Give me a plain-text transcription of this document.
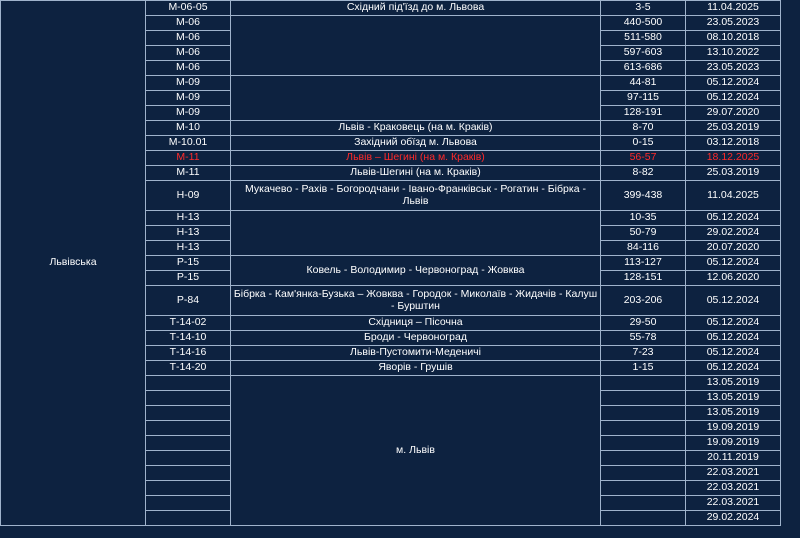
Львівська	М-06-05	Східний під'їзд до м. Львова	3-5	11.04.2025
	М-06		440-500	23.05.2023
	М-06		511-580	08.10.2018
	М-06		597-603	13.10.2022
	М-06		613-686	23.05.2023
	М-09		44-81	05.12.2024
	М-09		97-115	05.12.2024
	М-09		128-191	29.07.2020
	М-10	Львів - Краковець (на м. Краків)	8-70	25.03.2019
	М-10.01	Західний обїзд м. Львова	0-15	03.12.2018
	М-11	Львів – Шегині (на м. Краків)	56-57	18.12.2025
	М-11	Львів-Шегині (на м. Краків)	8-82	25.03.2019
	Н-09	Мукачево - Рахів - Богородчани - Івано-Франківськ - Рогатин - Бібрка - Львів	399-438	11.04.2025
	Н-13		10-35	05.12.2024
	Н-13		50-79	29.02.2024
	Н-13		84-116	20.07.2020
	Р-15	Ковель - Володимир - Червоноград - Жовква	113-127	05.12.2024
	Р-15		128-151	12.06.2020
	Р-84	Бібрка - Кам'янка-Бузька – Жовква - Городок - Миколаїв - Жидачів - Калуш - Бурштин	203-206	05.12.2024
	Т-14-02	Східниця – Пісочна	29-50	05.12.2024
	Т-14-10	Броди - Червоноград	55-78	05.12.2024
	Т-14-16	Львів-Пустомити-Меденичі	7-23	05.12.2024
	Т-14-20	Яворів - Грушів	1-15	05.12.2024
		м. Львів		13.05.2019
				13.05.2019
				13.05.2019
				19.09.2019
				19.09.2019
				20.11.2019
				22.03.2021
				22.03.2021
				22.03.2021
				29.02.2024
